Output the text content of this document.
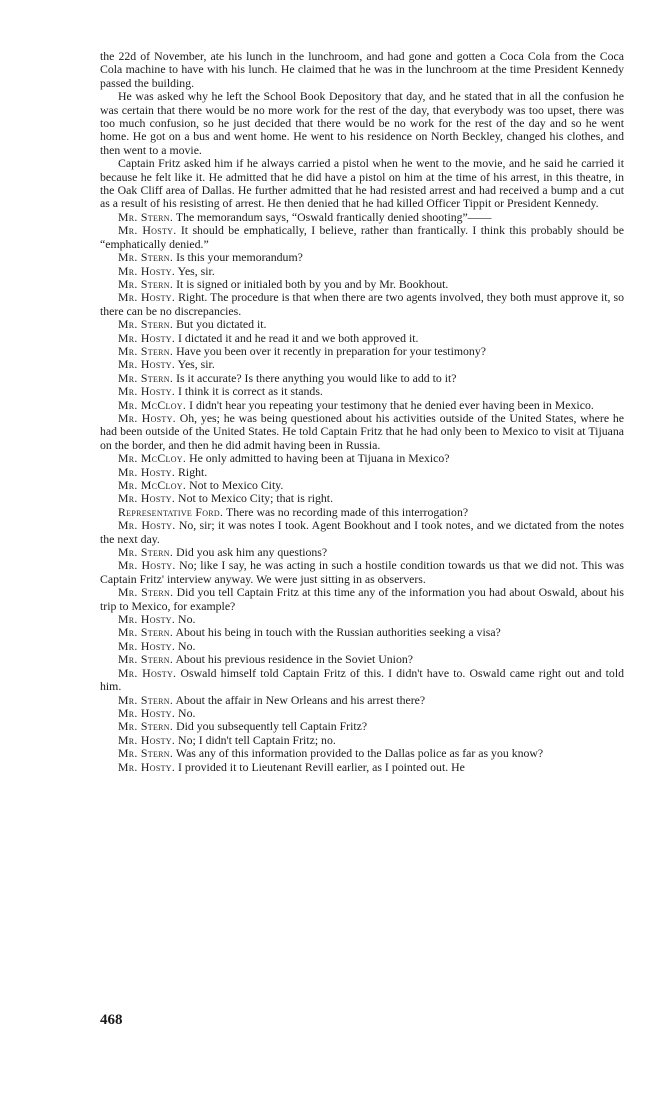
the 22d of November, ate his lunch in the lunchroom, and had gone and gotten a Coca Cola from the Coca Cola machine to have with his lunch. He claimed that he was in the lunchroom at the time President Kennedy passed the building.

He was asked why he left the School Book Depository that day, and he stated that in all the confusion he was certain that there would be no more work for the rest of the day, that everybody was too upset, there was too much confusion, so he just decided that there would be no work for the rest of the day and so he went home. He got on a bus and went home. He went to his residence on North Beckley, changed his clothes, and then went to a movie.

Captain Fritz asked him if he always carried a pistol when he went to the movie, and he said he carried it because he felt like it. He admitted that he did have a pistol on him at the time of his arrest, in this theatre, in the Oak Cliff area of Dallas. He further admitted that he had resisted arrest and had received a bump and a cut as a result of his resisting of arrest. He then denied that he had killed Officer Tippit or President Kennedy.

Mr. Stern. The memorandum says, “Oswald frantically denied shooting”——

Mr. Hosty. It should be emphatically, I believe, rather than frantically. I think this probably should be “emphatically denied.”

Mr. Stern. Is this your memorandum?

Mr. Hosty. Yes, sir.

Mr. Stern. It is signed or initialed both by you and by Mr. Bookhout.

Mr. Hosty. Right. The procedure is that when there are two agents involved, they both must approve it, so there can be no discrepancies.

Mr. Stern. But you dictated it.

Mr. Hosty. I dictated it and he read it and we both approved it.

Mr. Stern. Have you been over it recently in preparation for your testimony?

Mr. Hosty. Yes, sir.

Mr. Stern. Is it accurate? Is there anything you would like to add to it?

Mr. Hosty. I think it is correct as it stands.

Mr. McCloy. I didn't hear you repeating your testimony that he denied ever having been in Mexico.

Mr. Hosty. Oh, yes; he was being questioned about his activities outside of the United States, where he had been outside of the United States. He told Captain Fritz that he had only been to Mexico to visit at Tijuana on the border, and then he did admit having been in Russia.

Mr. McCloy. He only admitted to having been at Tijuana in Mexico?

Mr. Hosty. Right.

Mr. McCloy. Not to Mexico City.

Mr. Hosty. Not to Mexico City; that is right.

Representative Ford. There was no recording made of this interrogation?

Mr. Hosty. No, sir; it was notes I took. Agent Bookhout and I took notes, and we dictated from the notes the next day.

Mr. Stern. Did you ask him any questions?

Mr. Hosty. No; like I say, he was acting in such a hostile condition towards us that we did not. This was Captain Fritz' interview anyway. We were just sitting in as observers.

Mr. Stern. Did you tell Captain Fritz at this time any of the information you had about Oswald, about his trip to Mexico, for example?

Mr. Hosty. No.

Mr. Stern. About his being in touch with the Russian authorities seeking a visa?

Mr. Hosty. No.

Mr. Stern. About his previous residence in the Soviet Union?

Mr. Hosty. Oswald himself told Captain Fritz of this. I didn't have to. Oswald came right out and told him.

Mr. Stern. About the affair in New Orleans and his arrest there?

Mr. Hosty. No.

Mr. Stern. Did you subsequently tell Captain Fritz?

Mr. Hosty. No; I didn't tell Captain Fritz; no.

Mr. Stern. Was any of this information provided to the Dallas police as far as you know?

Mr. Hosty. I provided it to Lieutenant Revill earlier, as I pointed out. He

468
